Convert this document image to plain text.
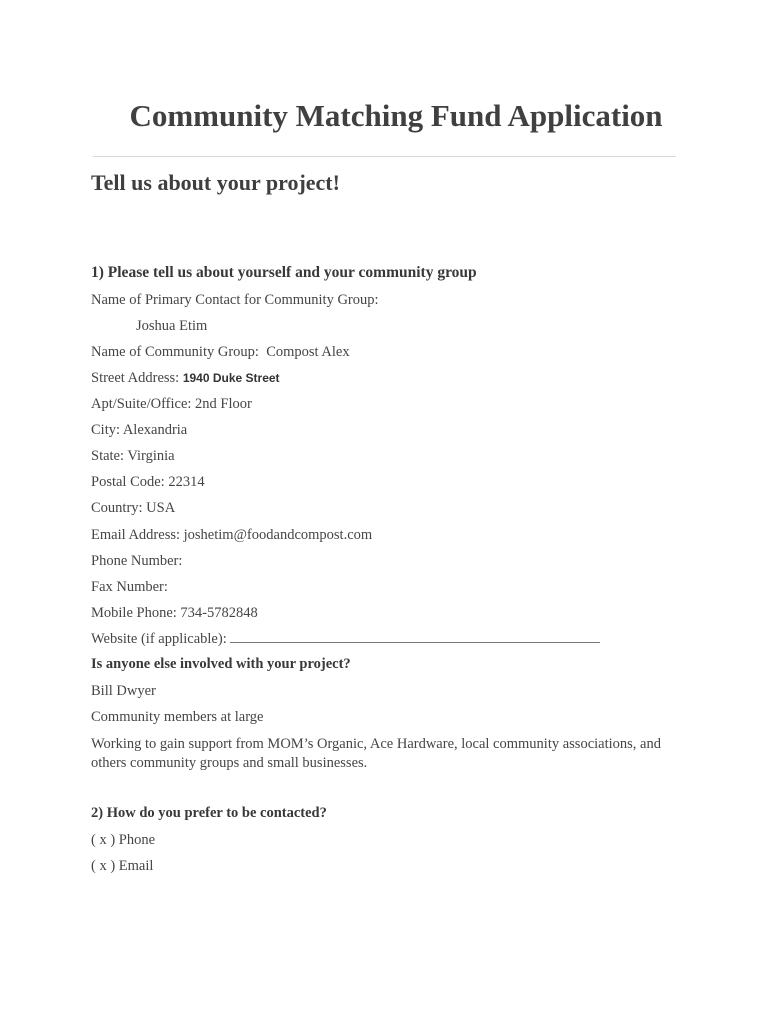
Community Matching Fund Application
Tell us about your project!
1) Please tell us about yourself and your community group
Name of Primary Contact for Community Group:
Joshua Etim
Name of Community Group: Compost Alex
Street Address: 1940 Duke Street
Apt/Suite/Office: 2nd Floor
City: Alexandria
State: Virginia
Postal Code: 22314
Country: USA
Email Address: joshetim@foodandcompost.com
Phone Number:
Fax Number:
Mobile Phone: 734-5782848
Website (if applicable):
Is anyone else involved with your project?
Bill Dwyer
Community members at large
Working to gain support from MOM’s Organic, Ace Hardware, local community associations, and others community groups and small businesses.
2) How do you prefer to be contacted?
( x ) Phone
( x ) Email
